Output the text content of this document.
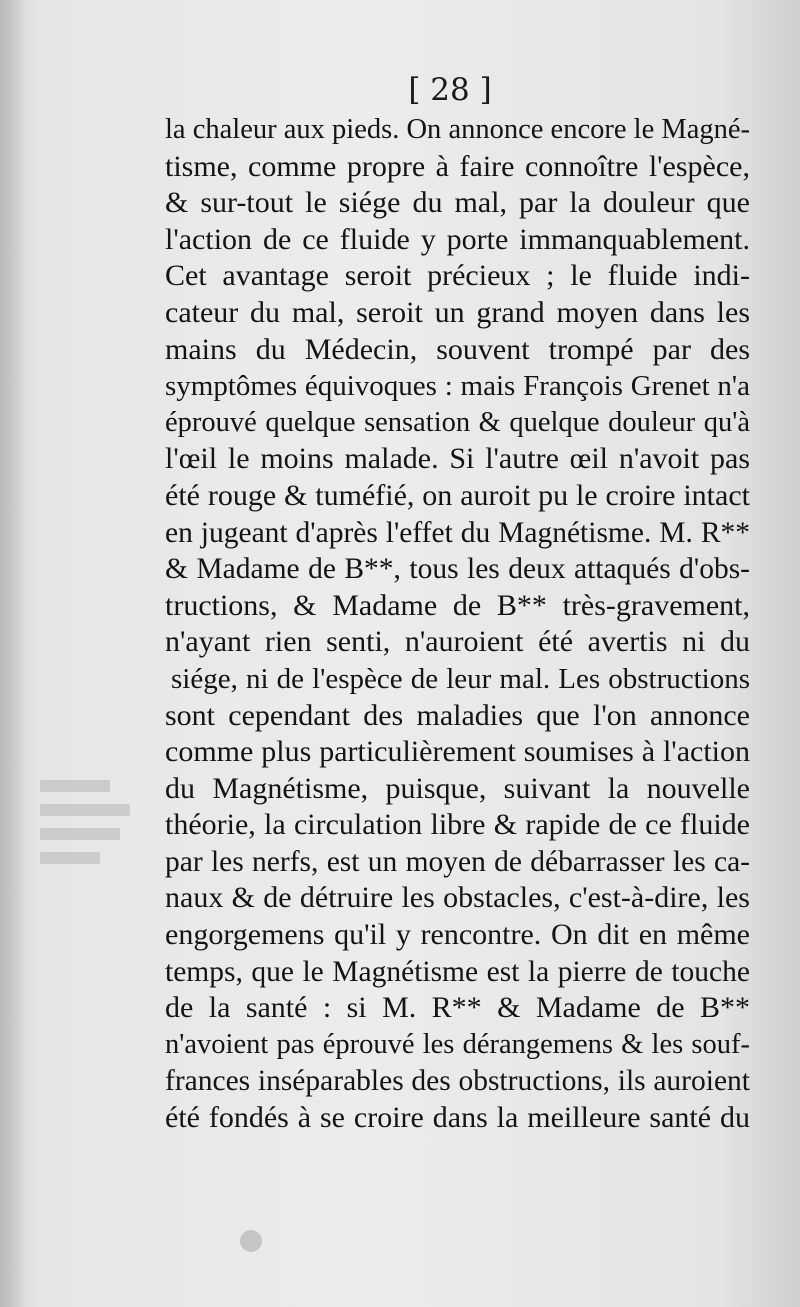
[ 28 ]

la chaleur aux pieds. On annonce encore le Magné-

tisme, comme propre à faire connoître l'espèce,

& sur-tout le siége du mal, par la douleur que

l'action de ce fluide y porte immanquablement.

Cet avantage seroit précieux ; le fluide indi-

cateur du mal, seroit un grand moyen dans les

mains du Médecin, souvent trompé par des

symptômes équivoques : mais François Grenet n'a

éprouvé quelque sensation & quelque douleur qu'à

l'œil le moins malade. Si l'autre œil n'avoit pas

été rouge & tuméfié, on auroit pu le croire intact

en jugeant d'après l'effet du Magnétisme. M. R**

& Madame de B**, tous les deux attaqués d'obs-

tructions, & Madame de B** très-gravement,

n'ayant rien senti, n'auroient été avertis ni du

siége, ni de l'espèce de leur mal. Les obstructions

sont cependant des maladies que l'on annonce

comme plus particulièrement soumises à l'action

du Magnétisme, puisque, suivant la nouvelle

théorie, la circulation libre & rapide de ce fluide

par les nerfs, est un moyen de débarrasser les ca-

naux & de détruire les obstacles, c'est-à-dire, les

engorgemens qu'il y rencontre. On dit en même

temps, que le Magnétisme est la pierre de touche

de la santé : si M. R** & Madame de B**

n'avoient pas éprouvé les dérangemens & les souf-

frances inséparables des obstructions, ils auroient

été fondés à se croire dans la meilleure santé du
